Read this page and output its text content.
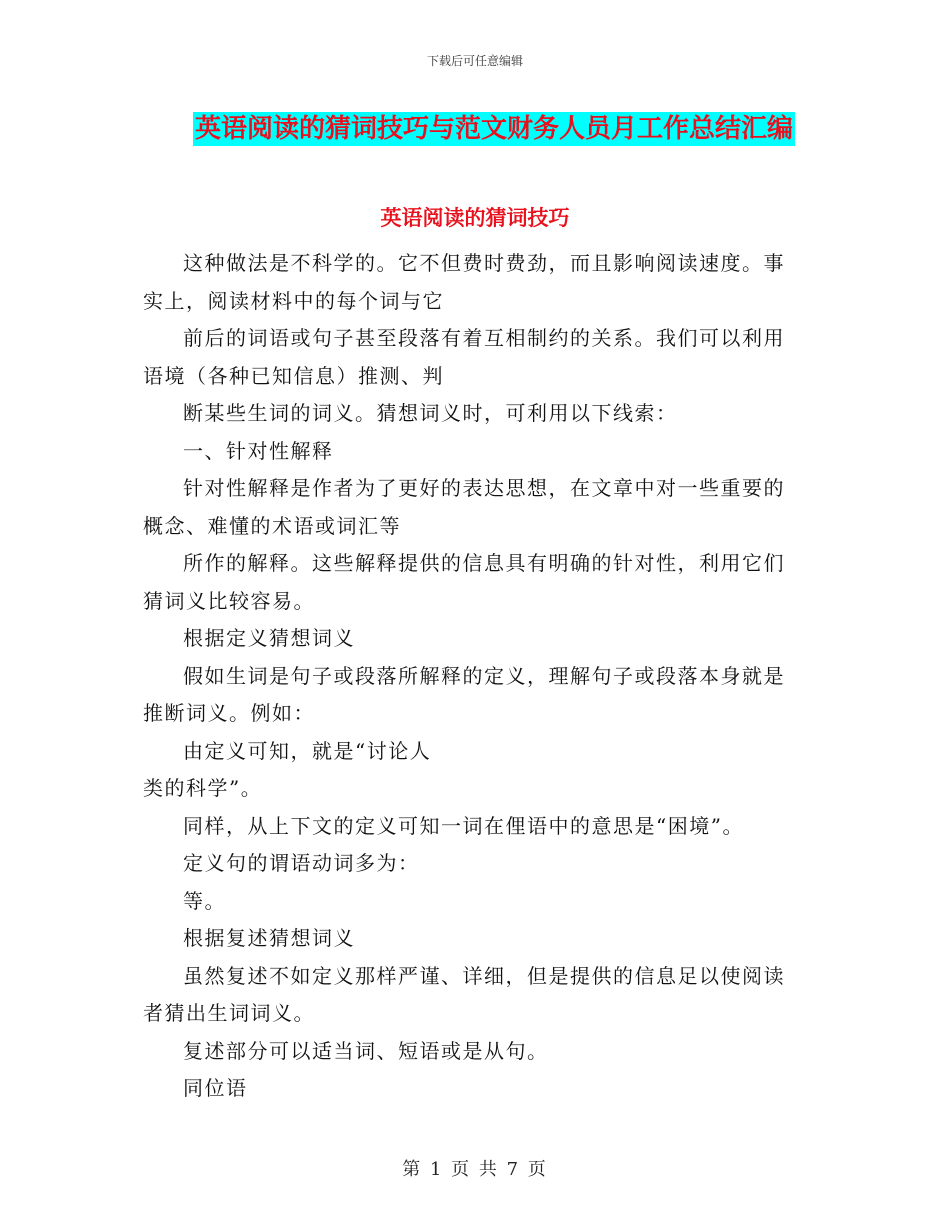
下载后可任意编辑
英语阅读的猜词技巧与范文财务人员月工作总结汇编
英语阅读的猜词技巧

这种做法是不科学的。它不但费时费劲，而且影响阅读速度。事实上，阅读材料中的每个词与它

前后的词语或句子甚至段落有着互相制约的关系。我们可以利用语境（各种已知信息）推测、判

断某些生词的词义。猜想词义时，可利用以下线索：

一、针对性解释

针对性解释是作者为了更好的表达思想，在文章中对一些重要的概念、难懂的术语或词汇等

所作的解释。这些解释提供的信息具有明确的针对性，利用它们猜词义比较容易。

根据定义猜想词义

假如生词是句子或段落所解释的定义，理解句子或段落本身就是推断词义。例如：

由定义可知，就是“讨论人

类的科学”。

同样，从上下文的定义可知一词在俚语中的意思是“困境”。

定义句的谓语动词多为：

等。

根据复述猜想词义

虽然复述不如定义那样严谨、详细，但是提供的信息足以使阅读者猜出生词词义。

复述部分可以适当词、短语或是从句。

同位语

第 1 页 共 7 页
